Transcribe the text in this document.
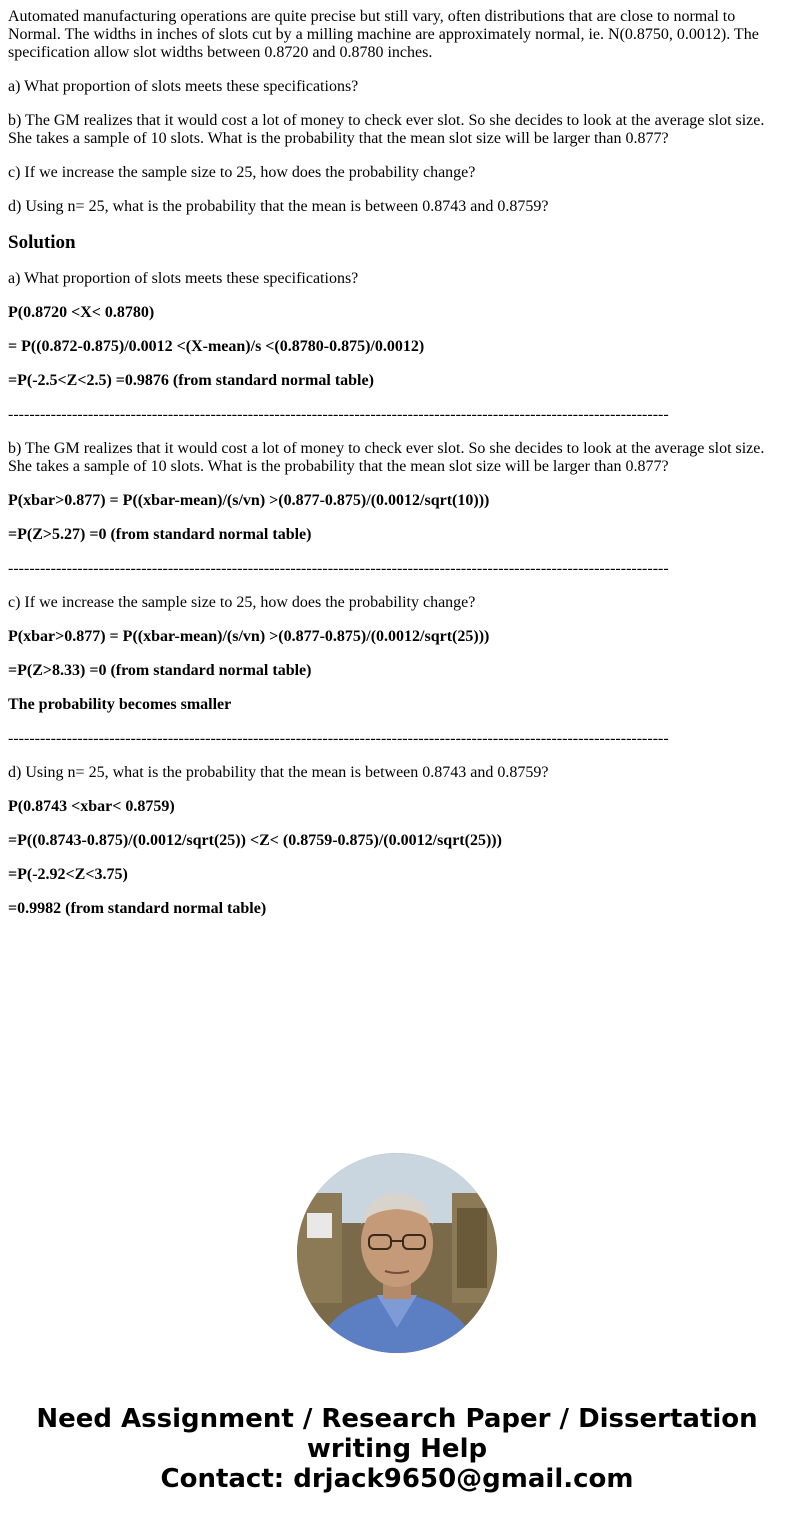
Automated manufacturing operations are quite precise but still vary, often distributions that are close to normal to Normal. The widths in inches of slots cut by a milling machine are approximately normal, ie. N(0.8750, 0.0012). The specification allow slot widths between 0.8720 and 0.8780 inches.
a) What proportion of slots meets these specifications?
b) The GM realizes that it would cost a lot of money to check ever slot. So she decides to look at the average slot size. She takes a sample of 10 slots. What is the probability that the mean slot size will be larger than 0.877?
c) If we increase the sample size to 25, how does the probability change?
d) Using n= 25, what is the probability that the mean is between 0.8743 and 0.8759?
Solution
a) What proportion of slots meets these specifications?
P(0.8720 <X< 0.8780)
= P((0.872-0.875)/0.0012 <(X-mean)/s <(0.8780-0.875)/0.0012)
=P(-2.5<Z<2.5) =0.9876 (from standard normal table)
----------------------------------------------------------------------------------------------------------------------------
b) The GM realizes that it would cost a lot of money to check ever slot. So she decides to look at the average slot size. She takes a sample of 10 slots. What is the probability that the mean slot size will be larger than 0.877?
P(xbar>0.877) = P((xbar-mean)/(s/vn) >(0.877-0.875)/(0.0012/sqrt(10)))
=P(Z>5.27) =0 (from standard normal table)
----------------------------------------------------------------------------------------------------------------------------
c) If we increase the sample size to 25, how does the probability change?
P(xbar>0.877) = P((xbar-mean)/(s/vn) >(0.877-0.875)/(0.0012/sqrt(25)))
=P(Z>8.33) =0 (from standard normal table)
The probability becomes smaller
----------------------------------------------------------------------------------------------------------------------------
d) Using n= 25, what is the probability that the mean is between 0.8743 and 0.8759?
P(0.8743 <xbar< 0.8759)
=P((0.8743-0.875)/(0.0012/sqrt(25)) <Z< (0.8759-0.875)/(0.0012/sqrt(25)))
=P(-2.92<Z<3.75)
=0.9982 (from standard normal table)
Need Assignment / Research Paper / Dissertation
writing Help
Contact: drjack9650@gmail.com
